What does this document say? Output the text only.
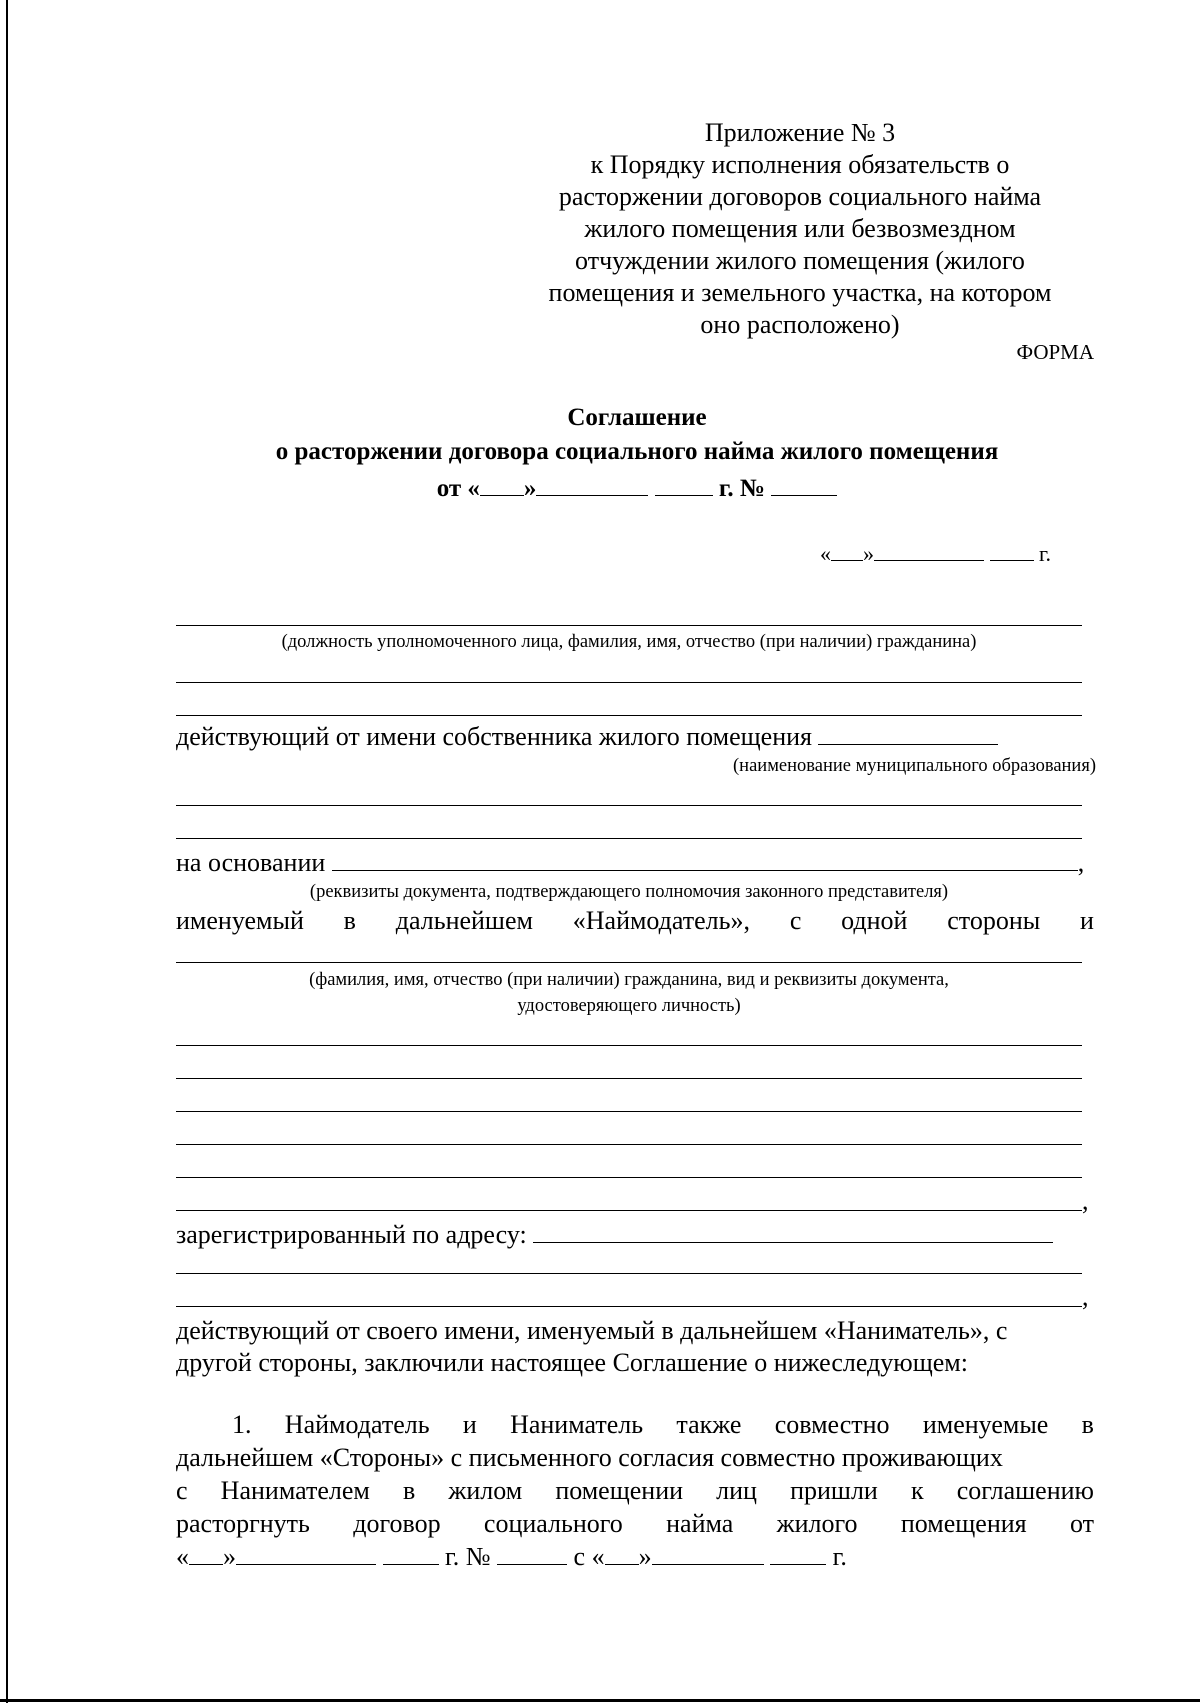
Приложение № 3
к Порядку исполнения обязательств о
расторжении договоров социального найма
жилого помещения или безвозмездном
отчуждении жилого помещения (жилого
помещения и земельного участка, на котором
оно расположено)
ФОРМА
Соглашение
о расторжении договора социального найма жилого помещения
от « »	г. №
« »	г.
(должность уполномоченного лица, фамилия, имя, отчество (при наличии) гражданина)
действующий от имени собственника жилого помещения
(наименование муниципального образования)
на основании	,
(реквизиты документа, подтверждающего полномочия законного представителя)
именуемый в дальнейшем «Наймодатель», с одной стороны и
(фамилия, имя, отчество (при наличии) гражданина, вид и реквизиты документа,
удостоверяющего личность)
,
зарегистрированный по адресу:
,
действующий от своего имени, именуемый в дальнейшем «Наниматель», с
другой стороны, заключили настоящее Соглашение о нижеследующем:
1. Наймодатель и Наниматель также совместно именуемые в
дальнейшем «Стороны» с письменного согласия совместно проживающих
с Нанимателем в жилом помещении лиц пришли к соглашению
расторгнуть договор социального найма жилого помещения от
« »	г. №	с « »	г.
